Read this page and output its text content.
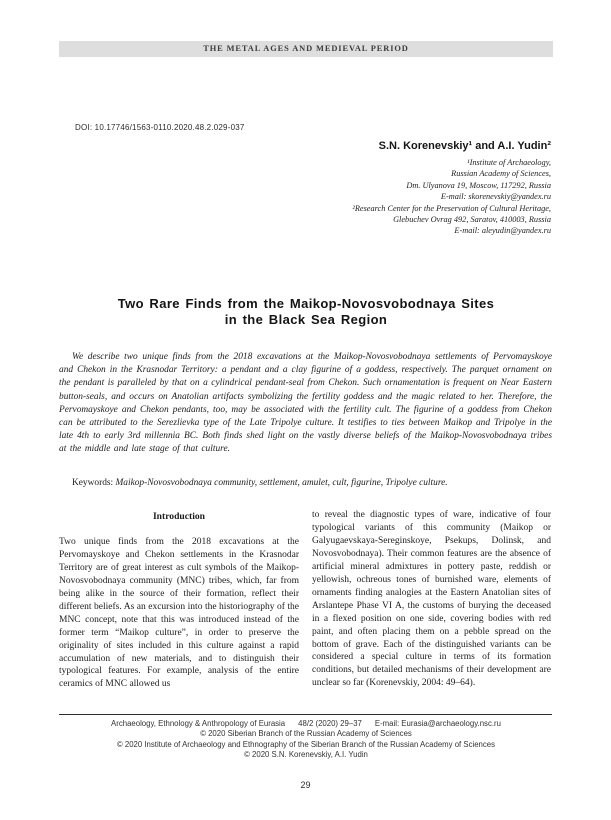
THE METAL AGES AND MEDIEVAL PERIOD
DOI: 10.17746/1563-0110.2020.48.2.029-037
S.N. Korenevskiy¹ and A.I. Yudin²
¹Institute of Archaeology,
Russian Academy of Sciences,
Dm. Ulyanova 19, Moscow, 117292, Russia
E-mail: skorenevskiy@yandex.ru
²Research Center for the Preservation of Cultural Heritage,
Glebuchev Ovrag 492, Saratov, 410003, Russia
E-mail: aleyudin@yandex.ru
Two Rare Finds from the Maikop-Novosvobodnaya Sites
in the Black Sea Region
We describe two unique finds from the 2018 excavations at the Maikop-Novosvobodnaya settlements of Pervomayskoye and Chekon in the Krasnodar Territory: a pendant and a clay figurine of a goddess, respectively. The parquet ornament on the pendant is paralleled by that on a cylindrical pendant-seal from Chekon. Such ornamentation is frequent on Near Eastern button-seals, and occurs on Anatolian artifacts symbolizing the fertility goddess and the magic related to her. Therefore, the Pervomayskoye and Chekon pendants, too, may be associated with the fertility cult. The figurine of a goddess from Chekon can be attributed to the Serezlievka type of the Late Tripolye culture. It testifies to ties between Maikop and Tripolye in the late 4th to early 3rd millennia BC. Both finds shed light on the vastly diverse beliefs of the Maikop-Novosvobodnaya tribes at the middle and late stage of that culture.
Keywords: Maikop-Novosvobodnaya community, settlement, amulet, cult, figurine, Tripolye culture.
Introduction
Two unique finds from the 2018 excavations at the Pervomayskoye and Chekon settlements in the Krasnodar Territory are of great interest as cult symbols of the Maikop-Novosvobodnaya community (MNC) tribes, which, far from being alike in the source of their formation, reflect their different beliefs. As an excursion into the historiography of the MNC concept, note that this was introduced instead of the former term “Maikop culture”, in order to preserve the originality of sites included in this culture against a rapid accumulation of new materials, and to distinguish their typological features. For example, analysis of the entire ceramics of MNC allowed us
to reveal the diagnostic types of ware, indicative of four typological variants of this community (Maikop or Galyugaevskaya-Sereginskoye, Psekups, Dolinsk, and Novosvobodnaya). Their common features are the absence of artificial mineral admixtures in pottery paste, reddish or yellowish, ochreous tones of burnished ware, elements of ornaments finding analogies at the Eastern Anatolian sites of Arslantepe Phase VI A, the customs of burying the deceased in a flexed position on one side, covering bodies with red paint, and often placing them on a pebble spread on the bottom of grave. Each of the distinguished variants can be considered a special culture in terms of its formation conditions, but detailed mechanisms of their development are unclear so far (Korenevskiy, 2004: 49–64).
Archaeology, Ethnology & Anthropology of Eurasia 48/2 (2020) 29–37 E-mail: Eurasia@archaeology.nsc.ru
© 2020 Siberian Branch of the Russian Academy of Sciences
© 2020 Institute of Archaeology and Ethnography of the Siberian Branch of the Russian Academy of Sciences
© 2020 S.N. Korenevskiy, A.I. Yudin
29
